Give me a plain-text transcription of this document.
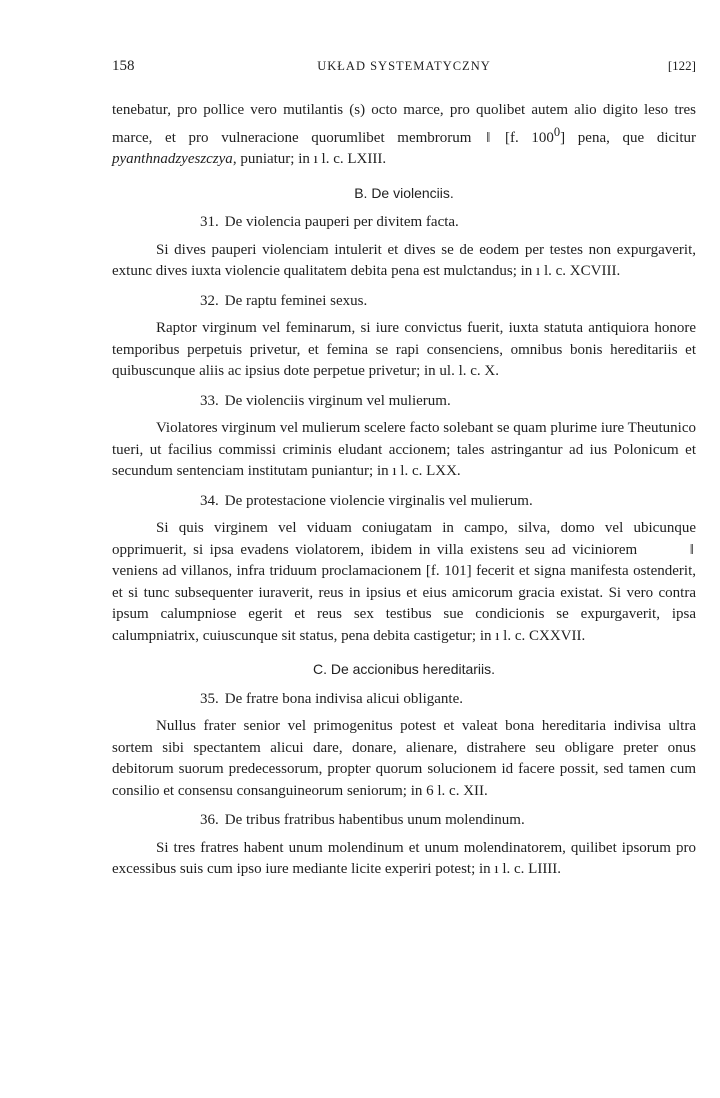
158	UKŁAD SYSTEMATYCZNY	[122]

tenebatur, pro pollice vero mutilantis (s) octo marce, pro quolibet autem alio digito leso tres marce, et pro vulneracione quorumlibet membrorum ‖ [f. $100^0$] pena, que dicitur pyanthnadzyeszczya, puniatur; in ı l. c. LXIII.

B. De violenciis.
31. De violencia pauperi per divitem facta.

Si dives pauperi violenciam intulerit et dives se de eodem per testes non expurgaverit, extunc dives iuxta violencie qualitatem debita pena est mulctandus; in ı l. c. XCVIII.

32. De raptu feminei sexus.

Raptor virginum vel feminarum, si iure convictus fuerit, iuxta statuta antiquiora honore temporibus perpetuis privetur, et femina se rapi consenciens, omnibus bonis hereditariis et quibuscunque aliis ac ipsius dote perpetue privetur; in ul. l. c. X.

33. De violenciis virginum vel mulierum.

Violatores virginum vel mulierum scelere facto solebant se quam plurime iure Theutunico tueri, ut facilius commissi criminis eludant accionem; tales astringantur ad ius Polonicum et secundum sentenciam institutam puniantur; in ı l. c. LXX.

34. De protestacione violencie virginalis vel mulierum.

Si quis virginem vel viduam coniugatam in campo, silva, domo vel ubicunque opprimuerit, si ipsa evadens violatorem, ibidem in villa existens seu ad viciniorem	‖ veniens ad villanos, infra triduum proclamacionem [f. 101] fecerit et signa manifesta ostenderit, et si tunc subsequenter iuraverit, reus in ipsius et eius amicorum gracia existat. Si vero contra ipsum calumpniose egerit et reus sex testibus sue condicionis se expurgaverit, ipsa calumpniatrix, cuiuscunque sit status, pena debita castigetur; in ı l. c. CXXVII.

C. De accionibus hereditariis.
35. De fratre bona indivisa alicui obligante.

Nullus frater senior vel primogenitus potest et valeat bona hereditaria indivisa ultra sortem sibi spectantem alicui dare, donare, alienare, distrahere seu obligare preter onus debitorum suorum predecessorum, propter quorum solucionem id facere possit, sed tamen cum consilio et consensu consanguineorum seniorum; in 6 l. c. XII.

36. De tribus fratribus habentibus unum molendinum.

Si tres fratres habent unum molendinum et unum molendinatorem, quilibet ipsorum pro excessibus suis cum ipso iure mediante licite experiri potest; in ı l. c. LIIII.
